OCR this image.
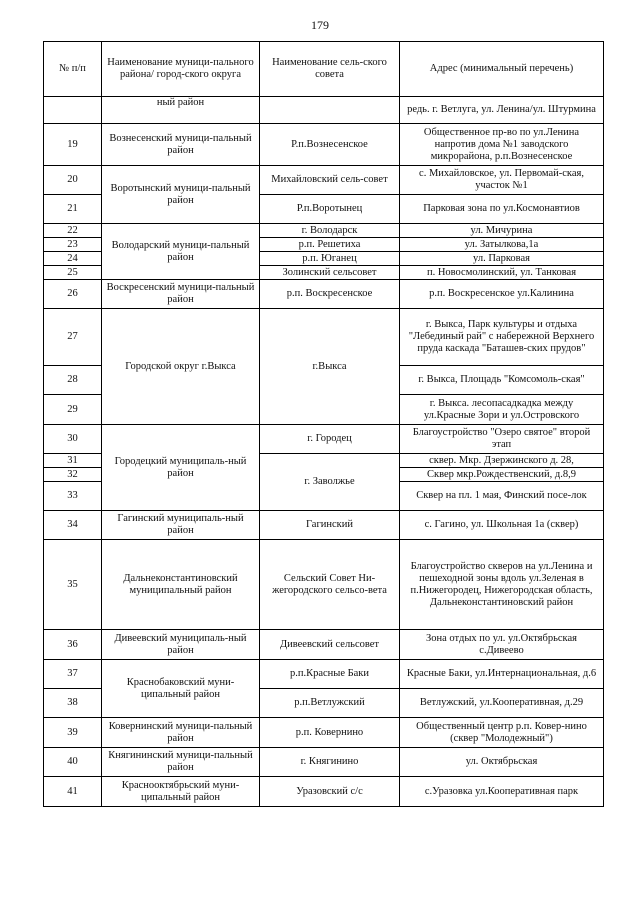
179
№ п/п	Наименование муници-пального района/ город-ского округа	Наименование сель-ского совета	Адрес (минимальный перечень)
	ный район		редь. г. Ветлуга, ул. Ленина/ул. Штурмина
19	Вознесенский муници-пальный район	Р.п.Вознесенское	Общественное пр-во по ул.Ленина напротив дома №1 заводского микрорайона, р.п.Вознесенское
20	Воротынский муници-пальный район	Михайловский сель-совет	с. Михайловское, ул. Первомай-ская, участок №1
21		Р.п.Воротынец	Парковая зона по ул.Космонавтиов
22	Володарский муници-пальный район	г. Володарск	ул. Мичурина
23		р.п. Решетиха	ул. Затылкова,1а
24		р.п. Юганец	ул. Парковая
25		Золинский сельсовет	п. Новосмолинский, ул. Танковая
26	Воскресенский муници-пальный район	р.п. Воскресенское	р.п. Воскресенское ул.Калинина
27	Городской округ г.Выкса	г.Выкса	г. Выкса, Парк культуры и отдыха "Лебединый рай" с набережной Верхнего пруда каскада "Баташев-ских прудов"
28			г. Выкса, Площадь "Комсомоль-ская"
29			г. Выкса. лесопасадкадка между ул.Красные Зори и ул.Островского
30	Городецкий муниципаль-ный район	г. Городец	Благоустройство "Озеро святое" второй этап
31		г. Заволжье	сквер. Мкр. Дзержинского д. 28,
32			Сквер мкр.Рождественский, д.8,9
33			Сквер на пл. 1 мая, Финский посе-лок
34	Гагинский муниципаль-ный район	Гагинский	с. Гагино, ул. Школьная 1а (сквер)
35	Дальнеконстантиновский муниципальный район	Сельский Совет Ни-жегородского сельсо-вета	Благоустройство скверов на ул.Ленина и пешеходной зоны вдоль ул.Зеленая в п.Нижегородец, Нижегородская область, Дальнеконстантиновский район
36	Дивеевский муниципаль-ный район	Дивеевский сельсовет	Зона отдых по ул. ул.Октябрьская с.Дивеево
37	Краснобаковский муни-ципальный район	р.п.Красные Баки	Красные Баки, ул.Интернациональная, д.6
38		р.п.Ветлужский	Ветлужский, ул.Кооперативная, д.29
39	Ковернинский муници-пальный район	р.п. Ковернино	Общественный центр р.п. Ковер-нино (сквер "Молодежный")
40	Княгининский муници-пальный район	г. Княгинино	ул. Октябрьская
41	Краснооктябрьский муни-ципальный район	Уразовский с/с	с.Уразовка ул.Кооперативная парк
